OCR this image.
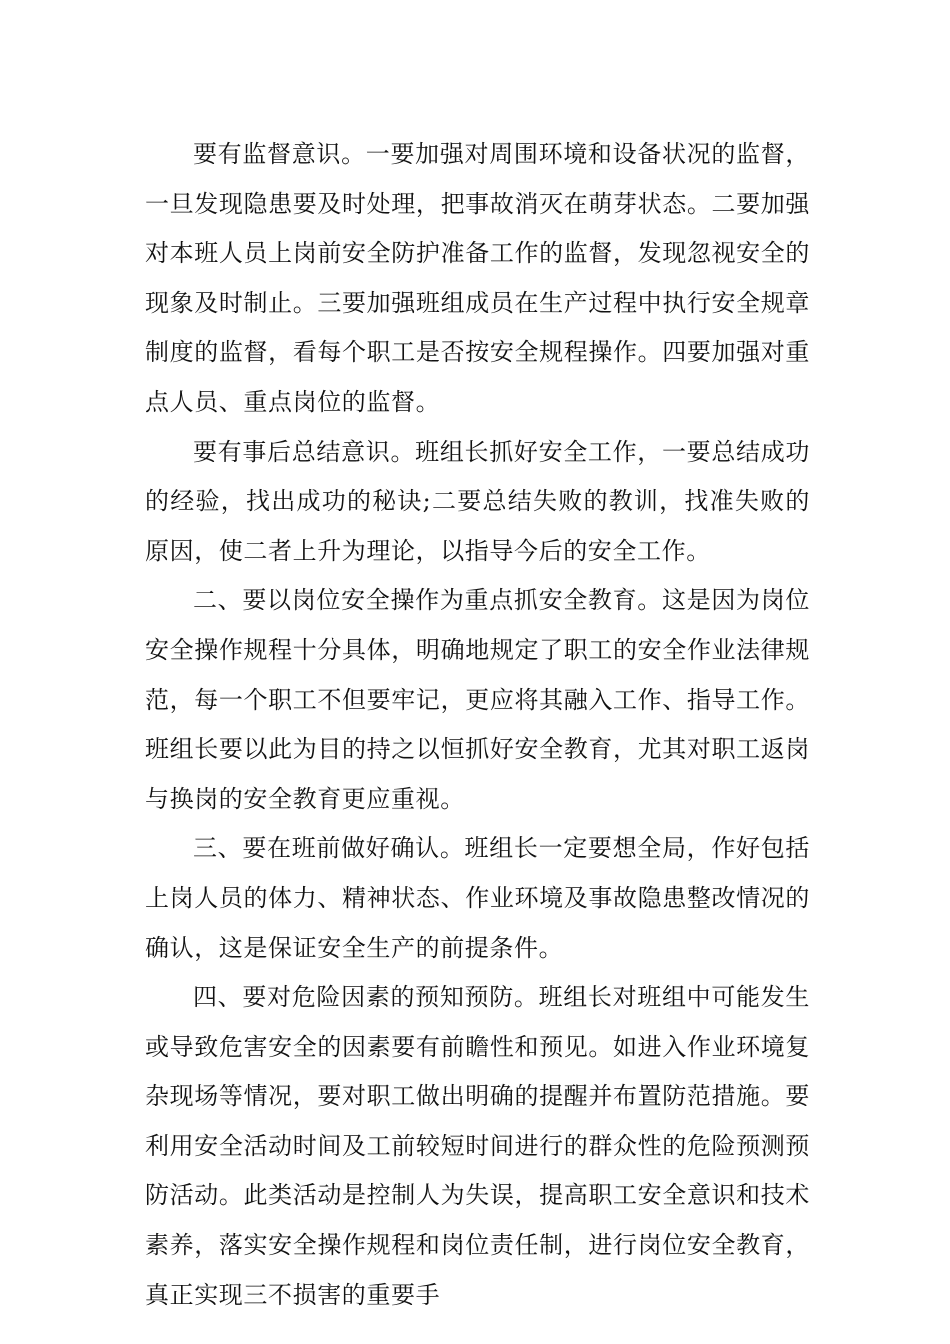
要有监督意识。一要加强对周围环境和设备状况的监督，一旦发现隐患要及时处理，把事故消灭在萌芽状态。二要加强对本班人员上岗前安全防护准备工作的监督，发现忽视安全的现象及时制止。三要加强班组成员在生产过程中执行安全规章制度的监督，看每个职工是否按安全规程操作。四要加强对重点人员、重点岗位的监督。

要有事后总结意识。班组长抓好安全工作，一要总结成功的经验，找出成功的秘诀;二要总结失败的教训，找准失败的原因，使二者上升为理论，以指导今后的安全工作。

二、要以岗位安全操作为重点抓安全教育。这是因为岗位安全操作规程十分具体，明确地规定了职工的安全作业法律规范，每一个职工不但要牢记，更应将其融入工作、指导工作。班组长要以此为目的持之以恒抓好安全教育，尤其对职工返岗与换岗的安全教育更应重视。

三、要在班前做好确认。班组长一定要想全局，作好包括上岗人员的体力、精神状态、作业环境及事故隐患整改情况的确认，这是保证安全生产的前提条件。

四、要对危险因素的预知预防。班组长对班组中可能发生或导致危害安全的因素要有前瞻性和预见。如进入作业环境复杂现场等情况，要对职工做出明确的提醒并布置防范措施。要利用安全活动时间及工前较短时间进行的群众性的危险预测预防活动。此类活动是控制人为失误，提高职工安全意识和技术素养，落实安全操作规程和岗位责任制，进行岗位安全教育，真正实现三不损害的重要手
